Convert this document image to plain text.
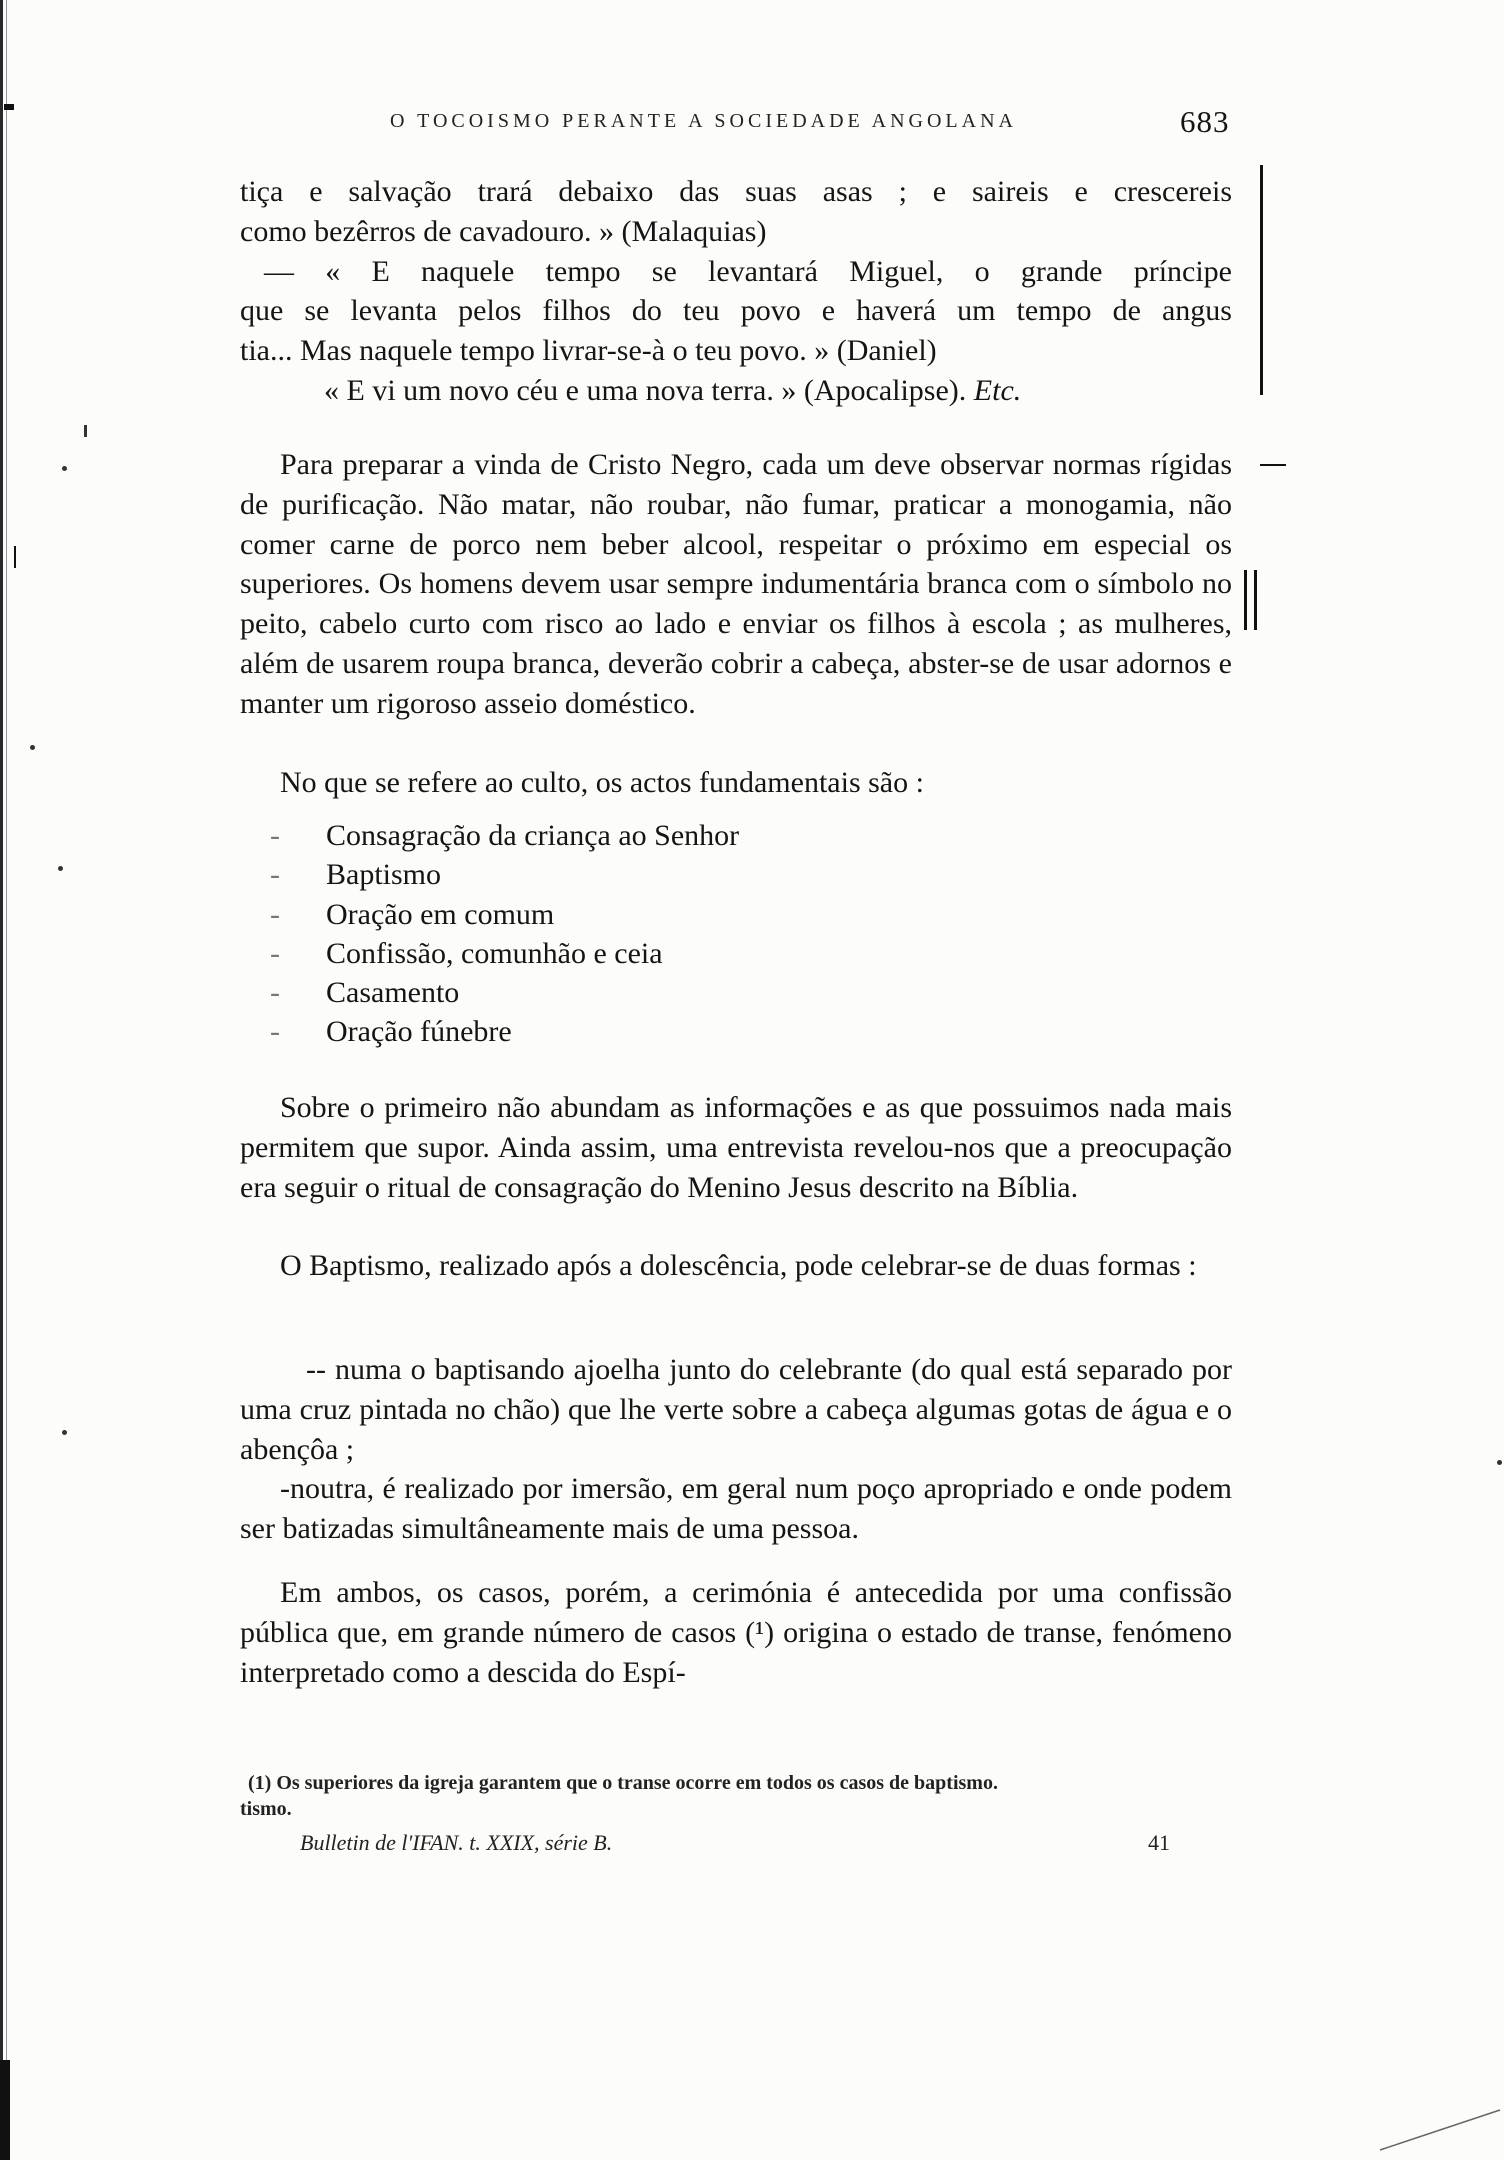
O TOCOISMO PERANTE A SOCIEDADE ANGOLANA	683
tiça e salvação trará debaixo das suas asas ; e saireis e crescereis
como bezêrros de cavadouro. » (Malaquias)
— « E naquele tempo se levantará Miguel, o grande príncipe
que se levanta pelos filhos do teu povo e haverá um tempo de angus
tia... Mas naquele tempo livrar-se-à o teu povo. » (Daniel)
« E vi um novo céu e uma nova terra. » (Apocalipse). Etc.
Para preparar a vinda de Cristo Negro, cada um deve observar normas rígidas de purificação. Não matar, não roubar, não fumar, praticar a monogamia, não comer carne de porco nem beber alcool, respeitar o próximo em especial os superiores. Os homens devem usar sempre indumentária branca com o símbolo no peito, cabelo curto com risco ao lado e enviar os filhos à escola ; as mulheres, além de usarem roupa branca, deverão cobrir a cabeça, abster-se de usar adornos e manter um rigoroso asseio doméstico.
No que se refere ao culto, os actos fundamentais são :
- Consagração da criança ao Senhor
- Baptismo
- Oração em comum
- Confissão, comunhão e ceia
- Casamento
- Oração fúnebre
Sobre o primeiro não abundam as informações e as que possuimos nada mais permitem que supor. Ainda assim, uma entrevista revelou-nos que a preocupação era seguir o ritual de consagração do Menino Jesus descrito na Bíblia.
O Baptismo, realizado após a dolescência, pode celebrar-se de duas formas :
-- numa o baptisando ajoelha junto do celebrante (do qual está separado por uma cruz pintada no chão) que lhe verte sobre a cabeça algumas gotas de água e o abençôa ;
-noutra, é realizado por imersão, em geral num poço apropriado e onde podem ser batizadas simultâneamente mais de uma pessoa.
Em ambos, os casos, porém, a cerimónia é antecedida por uma confissão pública que, em grande número de casos (¹) origina o estado de transe, fenómeno interpretado como a descida do Espí-
(1) Os superiores da igreja garantem que o transe ocorre em todos os casos de baptismo.
tismo.
Bulletin de l'IFAN. t. XXIX, série B.	41
